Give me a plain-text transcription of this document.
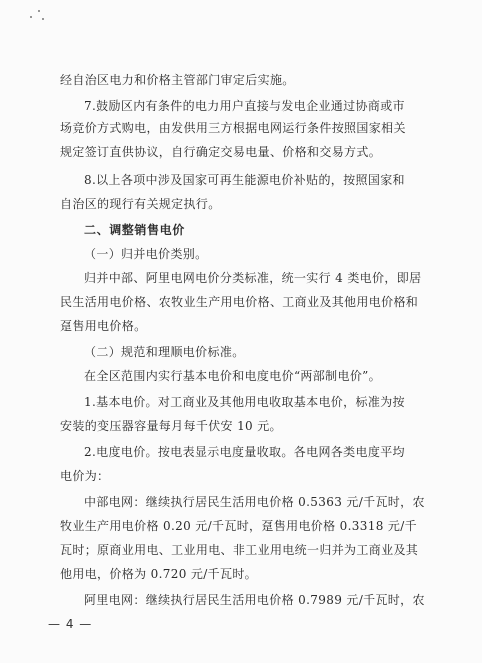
经自治区电力和价格主管部门审定后实施。
7.鼓励区内有条件的电力用户直接与发电企业通过协商或市
场竞价方式购电，由发供用三方根据电网运行条件按照国家相关
规定签订直供协议，自行确定交易电量、价格和交易方式。
8.以上各项中涉及国家可再生能源电价补贴的，按照国家和
自治区的现行有关规定执行。
二、调整销售电价
（一）归并电价类别。
归并中部、阿里电网电价分类标准，统一实行 4 类电价，即居
民生活用电价格、农牧业生产用电价格、工商业及其他用电价格和
趸售用电价格。
（二）规范和理顺电价标准。
在全区范围内实行基本电价和电度电价“两部制电价”。
1.基本电价。对工商业及其他用电收取基本电价，标准为按
安装的变压器容量每月每千伏安 10 元。
2.电度电价。按电表显示电度量收取。各电网各类电度平均
电价为：
中部电网：继续执行居民生活用电价格 0.5363 元/千瓦时，农
牧业生产用电价格 0.20 元/千瓦时，趸售用电价格 0.3318 元/千
瓦时；原商业用电、工业用电、非工业用电统一归并为工商业及其
他用电，价格为 0.720 元/千瓦时。
阿里电网：继续执行居民生活用电价格 0.7989 元/千瓦时，农
— 4 —
